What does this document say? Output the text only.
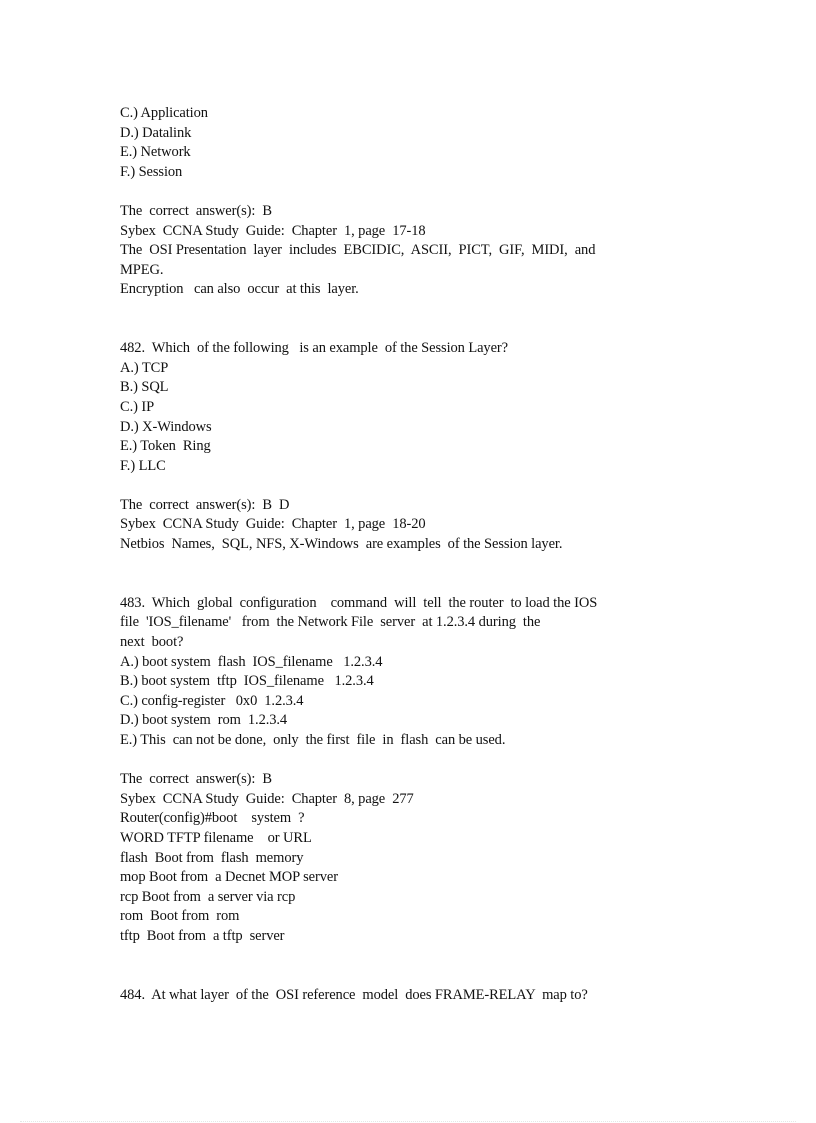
C.) Application
D.) Datalink
E.) Network
F.) Session
The  correct  answer(s):  B
Sybex  CCNA Study  Guide:  Chapter  1, page  17-18
The  OSI Presentation  layer  includes  EBCIDIC,  ASCII,  PICT,  GIF,  MIDI,  and
MPEG.
Encryption   can also  occur  at this  layer.
482.  Which  of the following   is an example  of the Session Layer?
A.) TCP
B.) SQL
C.) IP
D.) X-Windows
E.) Token  Ring
F.) LLC
The  correct  answer(s):  B  D
Sybex  CCNA Study  Guide:  Chapter  1, page  18-20
Netbios  Names,  SQL, NFS, X-Windows  are examples  of the Session layer.
483.  Which  global  configuration    command  will  tell  the router  to load the IOS
file  'IOS_filename'   from  the Network File  server  at 1.2.3.4 during  the
next  boot?
A.) boot system  flash  IOS_filename   1.2.3.4
B.) boot system  tftp  IOS_filename   1.2.3.4
C.) config-register   0x0  1.2.3.4
D.) boot system  rom  1.2.3.4
E.) This  can not be done,  only  the first  file  in  flash  can be used.
The  correct  answer(s):  B
Sybex  CCNA Study  Guide:  Chapter  8, page  277
Router(config)#boot    system  ?
WORD TFTP filename    or URL
flash  Boot from  flash  memory
mop Boot from  a Decnet MOP server
rcp Boot from  a server via rcp
rom  Boot from  rom
tftp  Boot from  a tftp  server
484.  At what layer  of the  OSI reference  model  does FRAME-RELAY  map to?
